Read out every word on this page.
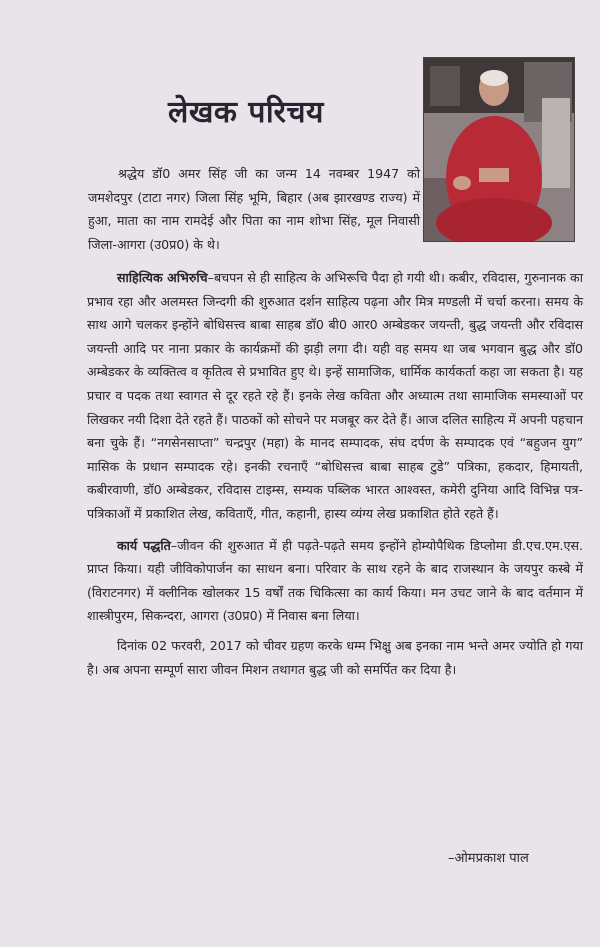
लेखक परिचय

श्रद्धेय डॉ0 अमर सिंह जी का जन्म 14 नवम्बर 1947 को जमशेदपुर (टाटा नगर) जिला सिंह भूमि, बिहार (अब झारखण्ड राज्य) में हुआ, माता का नाम रामदेई और पिता का नाम शोभा सिंह, मूल निवासी जिला-आगरा (उ0प्र0) के थे।

साहित्यिक अभिरुचि–बचपन से ही साहित्य के अभिरूचि पैदा हो गयी थी। कबीर, रविदास, गुरुनानक का प्रभाव रहा और अलमस्त जिन्दगी की शुरुआत दर्शन साहित्य पढ़ना और मित्र मण्डली में चर्चा करना। समय के साथ आगे चलकर इन्होंने बोधिसत्त्व बाबा साहब डॉ0 बी0 आर0 अम्बेडकर जयन्ती, बुद्ध जयन्ती और रविदास जयन्ती आदि पर नाना प्रकार के कार्यक्रमों की झड़ी लगा दी। यही वह समय था जब भगवान बुद्ध और डॉ0 अम्बेडकर के व्यक्तित्व व कृतित्व से प्रभावित हुए थे। इन्हें सामाजिक, धार्मिक कार्यकर्ता कहा जा सकता है। यह प्रचार व पदक तथा स्वागत से दूर रहते रहे हैं। इनके लेख कविता और अध्यात्म तथा सामाजिक समस्याओं पर लिखकर नयी दिशा देते रहते हैं। पाठकों को सोचने पर मजबूर कर देते हैं। आज दलित साहित्य में अपनी पहचान बना चुके हैं। “नगसेनसाप्ता” चन्द्रपुर (महा) के मानद सम्पादक, संघ दर्पण के सम्पादक एवं “बहुजन युग” मासिक के प्रधान सम्पादक रहे। इनकी रचनाएँ “बोधिसत्त्व बाबा साहब टुडे” पत्रिका, हकदार, हिमायती, कबीरवाणी, डॉ0 अम्बेडकर, रविदास टाइम्स, सम्यक पब्लिक भारत आश्वस्त, कमेरी दुनिया आदि विभिन्न पत्र-पत्रिकाओं में प्रकाशित लेख, कविताएँ, गीत, कहानी, हास्य व्यंग्य लेख प्रकाशित होते रहते हैं।

कार्य पद्धति–जीवन की शुरुआत में ही पढ़ते-पढ़ते समय इन्होंने होम्योपैथिक डिप्लोमा डी.एच.एम.एस. प्राप्त किया। यही जीविकोपार्जन का साधन बना। परिवार के साथ रहने के बाद राजस्थान के जयपुर कस्बे में (विराटनगर) में क्लीनिक खोलकर 15 वर्षों तक चिकित्सा का कार्य किया। मन उचट जाने के बाद वर्तमान में शास्त्रीपुरम, सिकन्दरा, आगरा (उ0प्र0) में निवास बना लिया।

दिनांक 02 फरवरी, 2017 को चीवर ग्रहण करके धम्म भिक्षु अब इनका नाम भन्ते अमर ज्योति हो गया है। अब अपना सम्पूर्ण सारा जीवन मिशन तथागत बुद्ध जी को समर्पित कर दिया है।

–ओमप्रकाश पाल
